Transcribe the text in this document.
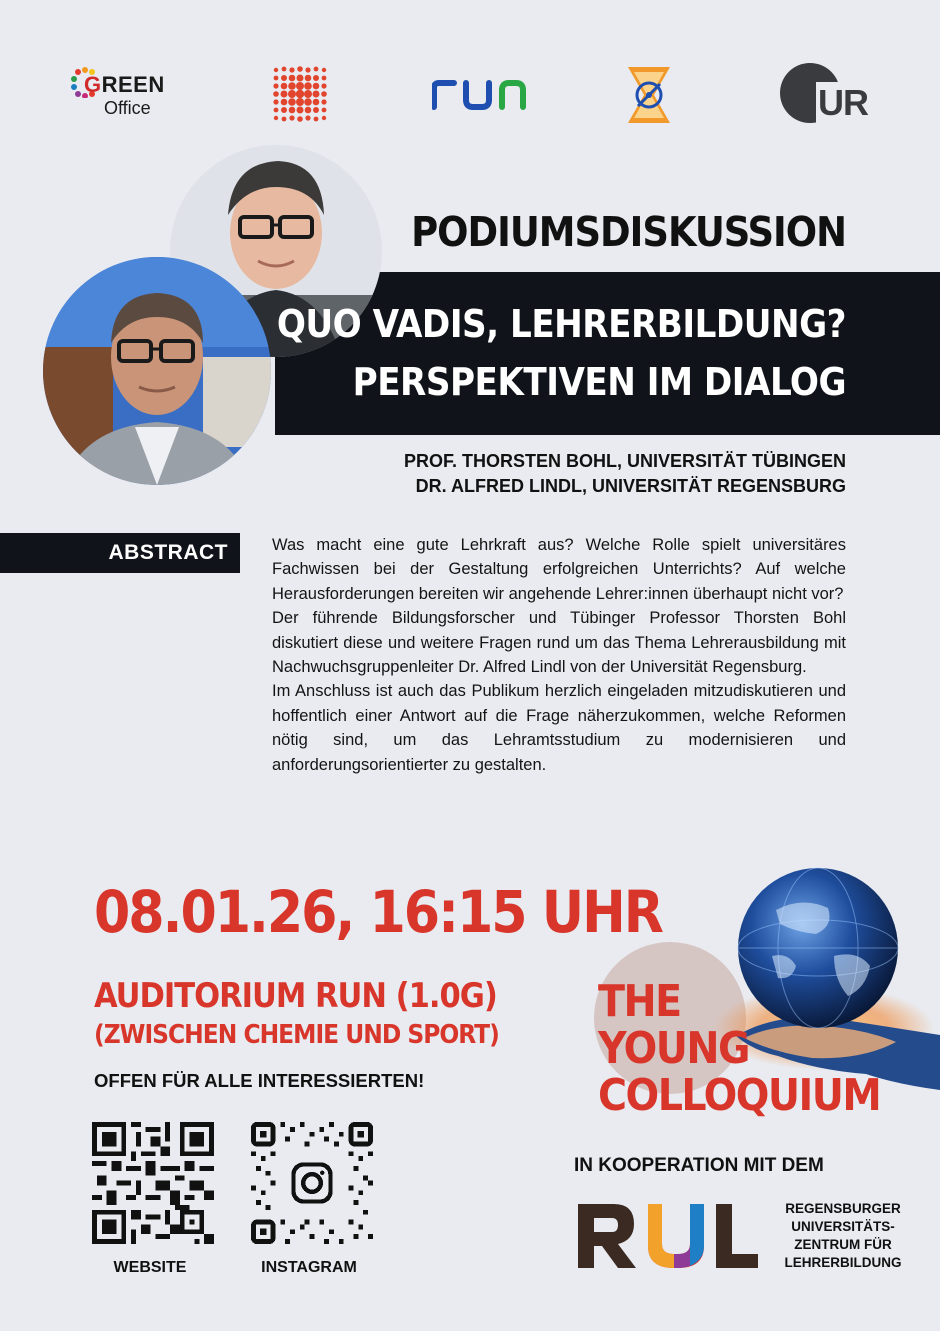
GREEN
Office	UR
PODIUMSDISKUSSION
QUO VADIS, LEHRERBILDUNG?
PERSPEKTIVEN IM DIALOG
PROF. THORSTEN BOHL, UNIVERSITÄT TÜBINGEN
DR. ALFRED LINDL, UNIVERSITÄT REGENSBURG
ABSTRACT	Was macht eine gute Lehrkraft aus? Welche Rolle spielt universitäres Fachwissen bei der Gestaltung erfolgreichen Unterrichts? Auf welche Herausforderungen bereiten wir angehende Lehrer:innen überhaupt nicht vor?

Der führende Bildungsforscher und Tübinger Professor Thorsten Bohl diskutiert diese und weitere Fragen rund um das Thema Lehrerausbildung mit Nachwuchsgruppenleiter Dr. Alfred Lindl von der Universität Regensburg.

Im Anschluss ist auch das Publikum herzlich eingeladen mitzudiskutieren und hoffentlich einer Antwort auf die Frage näherzukommen, welche Reformen nötig sind, um das Lehramtsstudium zu modernisieren und anforderungsorientierter zu gestalten.

08.01.26, 16:15 UHR
AUDITORIUM RUN (1.0G)
(ZWISCHEN CHEMIE UND SPORT)
OFFEN FÜR ALLE INTERESSIERTEN!
WEBSITE	INSTAGRAM
THE
YOUNG
COLLOQUIUM
IN KOOPERATION MIT DEM
REGENSBURGER
UNIVERSITÄTS-
ZENTRUM FÜR
LEHRERBILDUNG
